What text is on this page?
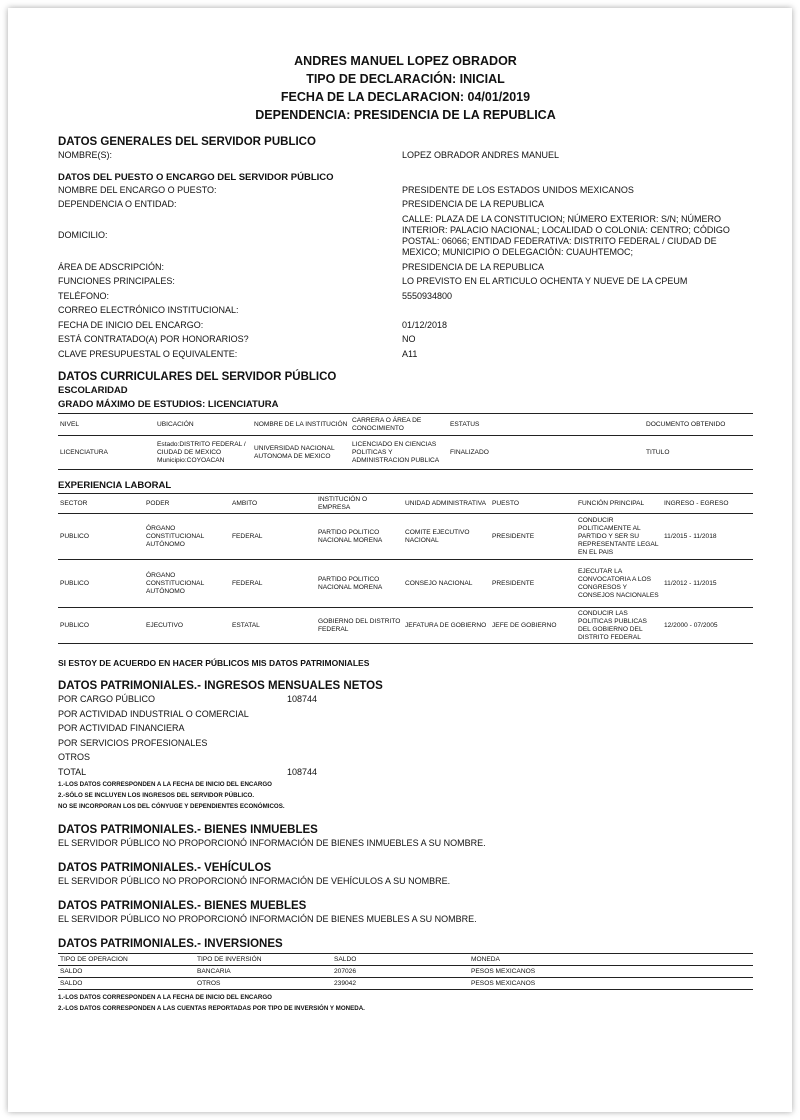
ANDRES MANUEL LOPEZ OBRADOR
TIPO DE DECLARACIÓN: INICIAL
FECHA DE LA DECLARACION: 04/01/2019
DEPENDENCIA: PRESIDENCIA DE LA REPUBLICA
DATOS GENERALES DEL SERVIDOR PUBLICO
NOMBRE(S):	LOPEZ OBRADOR ANDRES MANUEL
DATOS DEL PUESTO O ENCARGO DEL SERVIDOR PÚBLICO
NOMBRE DEL ENCARGO O PUESTO:	PRESIDENTE DE LOS ESTADOS UNIDOS MEXICANOS
DEPENDENCIA O ENTIDAD:	PRESIDENCIA DE LA REPUBLICA
DOMICILIO:
CALLE: PLAZA DE LA CONSTITUCION; NÚMERO EXTERIOR: S/N; NÚMERO INTERIOR: PALACIO NACIONAL; LOCALIDAD O COLONIA: CENTRO; CÓDIGO POSTAL: 06066; ENTIDAD FEDERATIVA: DISTRITO FEDERAL / CIUDAD DE MEXICO; MUNICIPIO O DELEGACIÓN: CUAUHTEMOC;
ÁREA DE ADSCRIPCIÓN:	PRESIDENCIA DE LA REPUBLICA
FUNCIONES PRINCIPALES:	LO PREVISTO EN EL ARTICULO OCHENTA Y NUEVE DE LA CPEUM
TELÉFONO:	5550934800
CORREO ELECTRÓNICO INSTITUCIONAL:
FECHA DE INICIO DEL ENCARGO:	01/12/2018
ESTÁ CONTRATADO(A) POR HONORARIOS?	NO
CLAVE PRESUPUESTAL O EQUIVALENTE:	A11
DATOS CURRICULARES DEL SERVIDOR PÚBLICO
ESCOLARIDAD
GRADO MÁXIMO DE ESTUDIOS: LICENCIATURA
NIVEL	UBICACIÓN	NOMBRE DE LA INSTITUCIÓN	CARRERA O ÁREA DE CONOCIMIENTO	ESTATUS		DOCUMENTO OBTENIDO
LICENCIATURA	Estado:DISTRITO FEDERAL / CIUDAD DE MEXICO Municipio:COYOACAN	UNIVERSIDAD NACIONAL AUTONOMA DE MEXICO	LICENCIADO EN CIENCIAS POLITICAS Y ADMINISTRACION PUBLICA	FINALIZADO		TITULO
EXPERIENCIA LABORAL
SECTOR	PODER	AMBITO	INSTITUCIÓN O EMPRESA	UNIDAD ADMINISTRATIVA	PUESTO	FUNCIÓN PRINCIPAL	INGRESO - EGRESO
PUBLICO	ÓRGANO CONSTITUCIONAL AUTÓNOMO	FEDERAL	PARTIDO POLITICO NACIONAL MORENA	COMITE EJECUTIVO NACIONAL	PRESIDENTE	CONDUCIR POLITICAMENTE AL PARTIDO Y SER SU REPRESENTANTE LEGAL EN EL PAIS	11/2015 - 11/2018
PUBLICO	ÓRGANO CONSTITUCIONAL AUTÓNOMO	FEDERAL	PARTIDO POLITICO NACIONAL MORENA	CONSEJO NACIONAL	PRESIDENTE	EJECUTAR LA CONVOCATORIA A LOS CONGRESOS Y CONSEJOS NACIONALES	11/2012 - 11/2015
PUBLICO	EJECUTIVO	ESTATAL	GOBIERNO DEL DISTRITO FEDERAL	JEFATURA DE GOBIERNO	JEFE DE GOBIERNO	CONDUCIR LAS POLITICAS PUBLICAS DEL GOBIERNO DEL DISTRITO FEDERAL	12/2000 - 07/2005
SI ESTOY DE ACUERDO EN HACER PÚBLICOS MIS DATOS PATRIMONIALES
DATOS PATRIMONIALES.- INGRESOS MENSUALES NETOS
POR CARGO PÚBLICO	108744
POR ACTIVIDAD INDUSTRIAL O COMERCIAL
POR ACTIVIDAD FINANCIERA
POR SERVICIOS PROFESIONALES
OTROS
TOTAL	108744
1.-LOS DATOS CORRESPONDEN A LA FECHA DE INICIO DEL ENCARGO
2.-SÓLO SE INCLUYEN LOS INGRESOS DEL SERVIDOR PÚBLICO.
NO SE INCORPORAN LOS DEL CÓNYUGE Y DEPENDIENTES ECONÓMICOS.
DATOS PATRIMONIALES.- BIENES INMUEBLES
EL SERVIDOR PÚBLICO NO PROPORCIONÓ INFORMACIÓN DE BIENES INMUEBLES A SU NOMBRE.
DATOS PATRIMONIALES.- VEHÍCULOS
EL SERVIDOR PÚBLICO NO PROPORCIONÓ INFORMACIÓN DE VEHÍCULOS A SU NOMBRE.
DATOS PATRIMONIALES.- BIENES MUEBLES
EL SERVIDOR PÚBLICO NO PROPORCIONÓ INFORMACIÓN DE BIENES MUEBLES A SU NOMBRE.
DATOS PATRIMONIALES.- INVERSIONES
TIPO DE OPERACION	TIPO DE INVERSIÓN	SALDO	MONEDA
SALDO	BANCARIA	207026	PESOS MEXICANOS
SALDO	OTROS	239042	PESOS MEXICANOS
1.-LOS DATOS CORRESPONDEN A LA FECHA DE INICIO DEL ENCARGO
2.-LOS DATOS CORRESPONDEN A LAS CUENTAS REPORTADAS POR TIPO DE INVERSIÓN Y MONEDA.
